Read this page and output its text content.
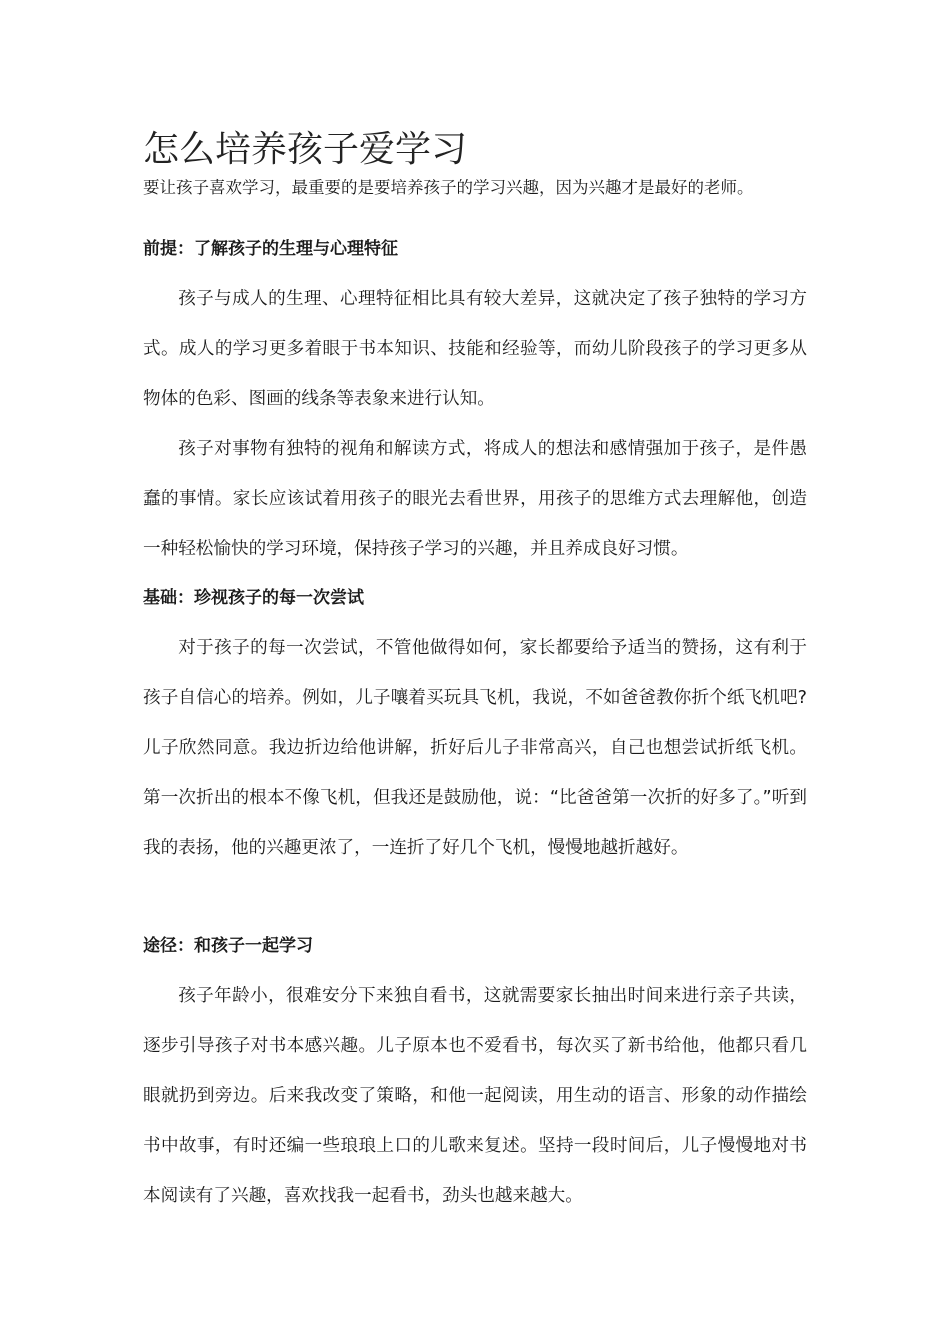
怎么培养孩子爱学习

要让孩子喜欢学习，最重要的是要培养孩子的学习兴趣，因为兴趣才是最好的老师。

前提：了解孩子的生理与心理特征

孩子与成人的生理、心理特征相比具有较大差异，这就决定了孩子独特的学习方式。成人的学习更多着眼于书本知识、技能和经验等，而幼儿阶段孩子的学习更多从物体的色彩、图画的线条等表象来进行认知。

孩子对事物有独特的视角和解读方式，将成人的想法和感情强加于孩子，是件愚蠢的事情。家长应该试着用孩子的眼光去看世界，用孩子的思维方式去理解他，创造一种轻松愉快的学习环境，保持孩子学习的兴趣，并且养成良好习惯。

基础：珍视孩子的每一次尝试

对于孩子的每一次尝试，不管他做得如何，家长都要给予适当的赞扬，这有利于孩子自信心的培养。例如，儿子嚷着买玩具飞机，我说，不如爸爸教你折个纸飞机吧?儿子欣然同意。我边折边给他讲解，折好后儿子非常高兴，自己也想尝试折纸飞机。第一次折出的根本不像飞机，但我还是鼓励他，说：“比爸爸第一次折的好多了。”听到我的表扬，他的兴趣更浓了，一连折了好几个飞机，慢慢地越折越好。

途径：和孩子一起学习

孩子年龄小，很难安分下来独自看书，这就需要家长抽出时间来进行亲子共读，逐步引导孩子对书本感兴趣。儿子原本也不爱看书，每次买了新书给他，他都只看几眼就扔到旁边。后来我改变了策略，和他一起阅读，用生动的语言、形象的动作描绘书中故事，有时还编一些琅琅上口的儿歌来复述。坚持一段时间后，儿子慢慢地对书本阅读有了兴趣，喜欢找我一起看书，劲头也越来越大。
